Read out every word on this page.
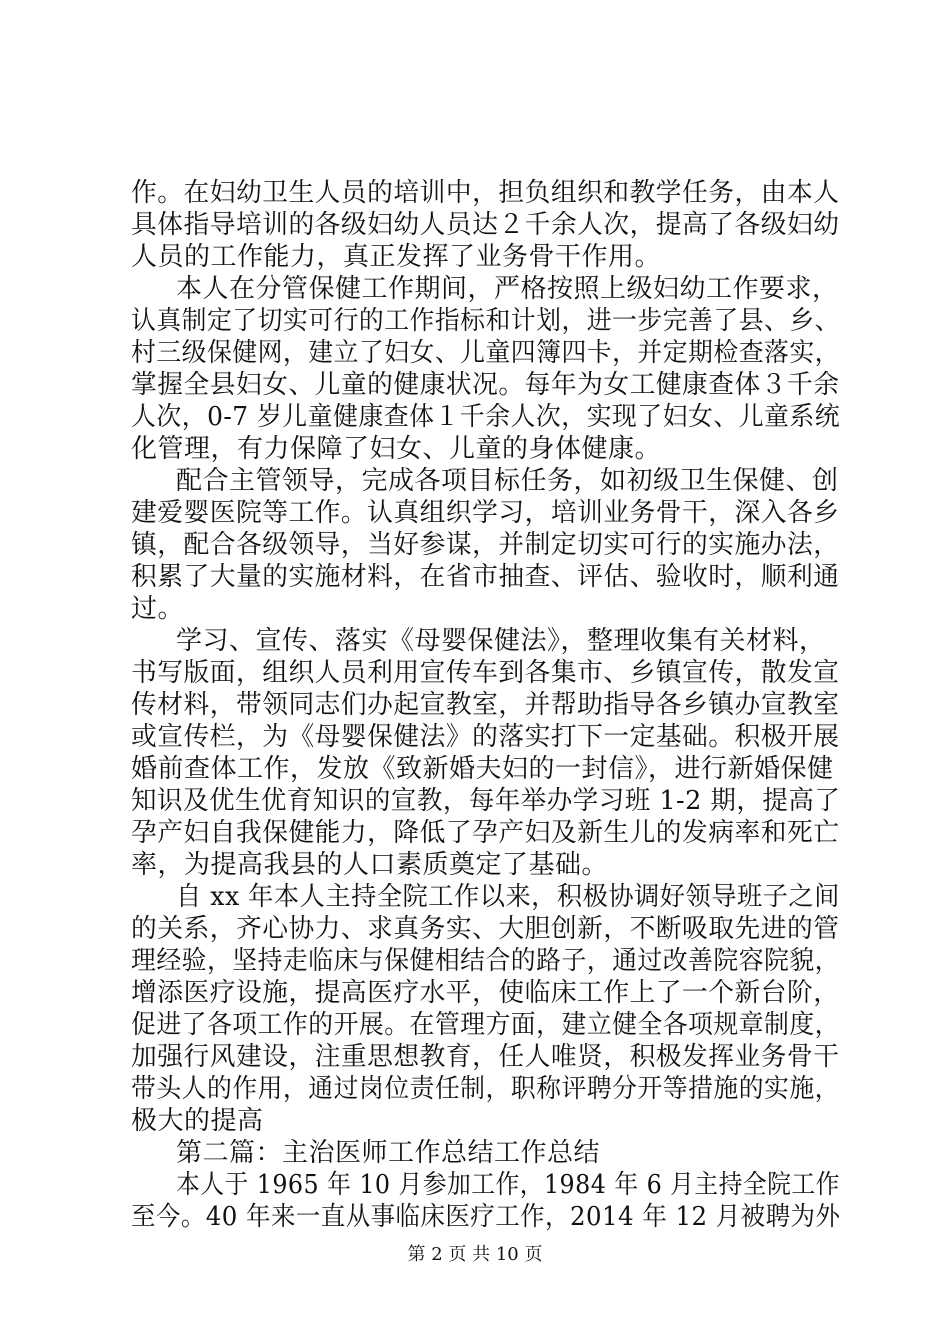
作。在妇幼卫生人员的培训中，担负组织和教学任务，由本人
具体指导培训的各级妇幼人员达２千余人次，提高了各级妇幼
人员的工作能力，真正发挥了业务骨干作用。
本人在分管保健工作期间，严格按照上级妇幼工作要求，
认真制定了切实可行的工作指标和计划，进一步完善了县、乡、
村三级保健网，建立了妇女、儿童四簿四卡，并定期检查落实，
掌握全县妇女、儿童的健康状况。每年为女工健康查体３千余
人次，0-7 岁儿童健康查体１千余人次，实现了妇女、儿童系统
化管理，有力保障了妇女、儿童的身体健康。
配合主管领导，完成各项目标任务，如初级卫生保健、创
建爱婴医院等工作。认真组织学习，培训业务骨干，深入各乡
镇，配合各级领导，当好参谋，并制定切实可行的实施办法，
积累了大量的实施材料，在省市抽查、评估、验收时，顺利通
过。
学习、宣传、落实《母婴保健法》，整理收集有关材料，
书写版面，组织人员利用宣传车到各集市、乡镇宣传，散发宣
传材料，带领同志们办起宣教室，并帮助指导各乡镇办宣教室
或宣传栏，为《母婴保健法》的落实打下一定基础。积极开展
婚前查体工作，发放《致新婚夫妇的一封信》，进行新婚保健
知识及优生优育知识的宣教，每年举办学习班 1-2 期，提高了
孕产妇自我保健能力，降低了孕产妇及新生儿的发病率和死亡
率，为提高我县的人口素质奠定了基础。
自 xx 年本人主持全院工作以来，积极协调好领导班子之间
的关系，齐心协力、求真务实、大胆创新，不断吸取先进的管
理经验，坚持走临床与保健相结合的路子，通过改善院容院貌，
增添医疗设施，提高医疗水平，使临床工作上了一个新台阶，
促进了各项工作的开展。在管理方面，建立健全各项规章制度，
加强行风建设，注重思想教育，任人唯贤，积极发挥业务骨干
带头人的作用，通过岗位责任制，职称评聘分开等措施的实施，
极大的提高
第二篇：主治医师工作总结工作总结
本人于 1965 年 10 月参加工作，1984 年 6 月主持全院工作
至今。40 年来一直从事临床医疗工作，2014 年 12 月被聘为外
第 2 页 共 10 页
